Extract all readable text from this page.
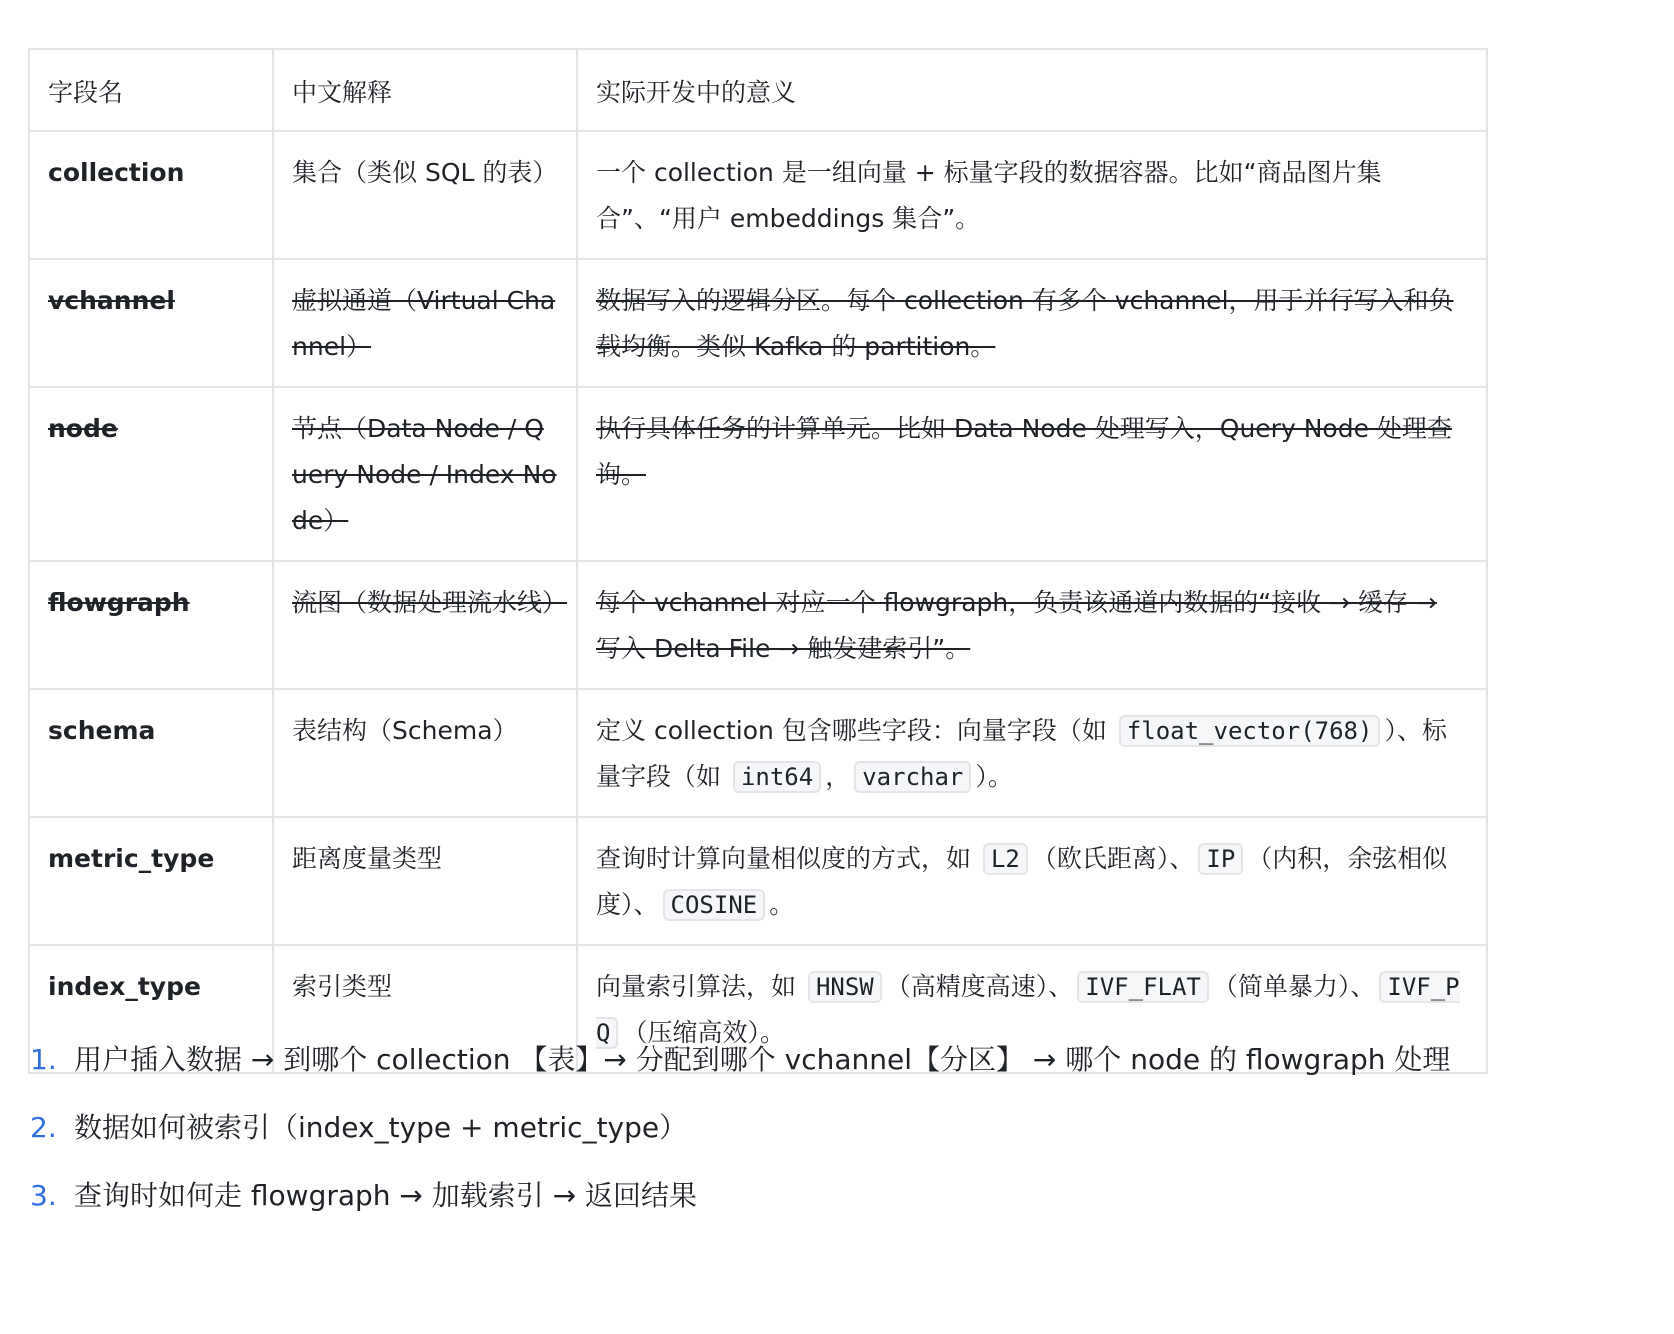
字段名	中文解释	实际开发中的意义
collection	集合（类似 SQL 的表）	一个 collection 是一组向量 + 标量字段的数据容器。比如“商品图片集合”、“用户 embeddings 集合”。
vchannel	虚拟通道（Virtual Channel）	数据写入的逻辑分区。每个 collection 有多个 vchannel，用于并行写入和负载均衡。类似 Kafka 的 partition。
node	节点（Data Node / Query Node / Index Node）	执行具体任务的计算单元。比如 Data Node 处理写入，Query Node 处理查询。
flowgraph	流图（数据处理流水线）	每个 vchannel 对应一个 flowgraph，负责该通道内数据的“接收 → 缓存 → 写入 Delta File → 触发建索引”。
schema	表结构（Schema）	定义 collection 包含哪些字段：向量字段（如 float_vector(768) ）、标量字段（如 int64 ， varchar ）。
metric_type	距离度量类型	查询时计算向量相似度的方式，如 L2 （欧氏距离）、 IP （内积，余弦相似度）、 COSINE 。
index_type	索引类型	向量索引算法，如 HNSW （高精度高速）、 IVF_FLAT （简单暴力）、 IVF_PQ （压缩高效）。
1. 用户插入数据 → 到哪个 collection 【表】→ 分配到哪个 vchannel【分区】 → 哪个 node 的 flowgraph 处理
2. 数据如何被索引（index_type + metric_type）
3. 查询时如何走 flowgraph → 加载索引 → 返回结果
